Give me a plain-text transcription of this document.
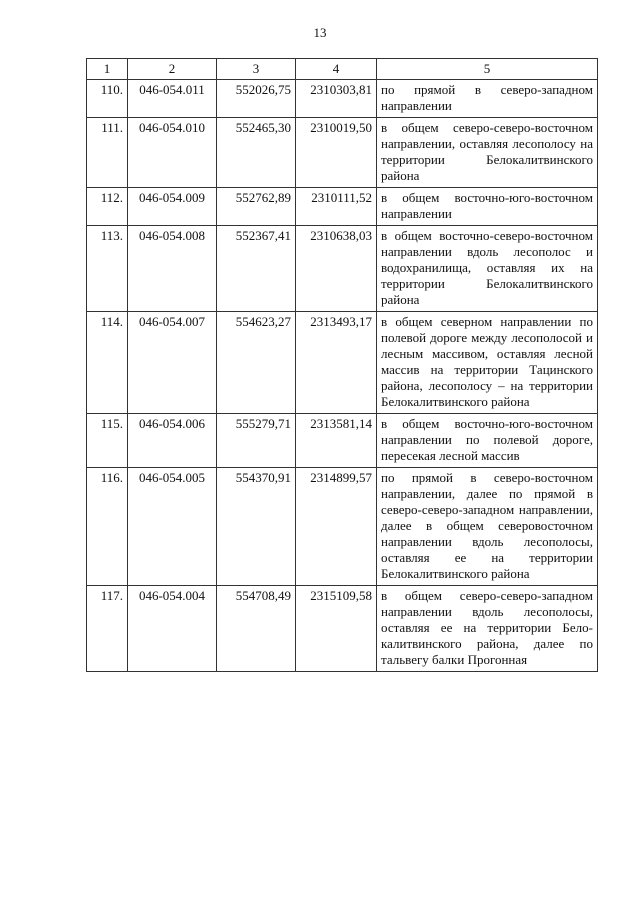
13
1	2	3	4	5
110.	046-054.011	552026,75	2310303,81	по прямой в северо-западном направлении
111.	046-054.010	552465,30	2310019,50	в общем северо-северо-восточном направлении, оставляя лесополосу на территории Белокалитвинского района
112.	046-054.009	552762,89	2310111,52	в общем восточно-юго-восточном направлении
113.	046-054.008	552367,41	2310638,03	в общем восточно-северо-восточном направлении вдоль лесополос и водохранилища, оставляя их на территории Белокалитвинского района
114.	046-054.007	554623,27	2313493,17	в общем северном направлении по полевой дороге между лесополосой и лесным массивом, оставляя лесной массив на территории Тацинского района, лесополосу – на территории Белокалитвинского района
115.	046-054.006	555279,71	2313581,14	в общем восточно-юго-восточном направлении по полевой дороге, пересекая лесной массив
116.	046-054.005	554370,91	2314899,57	по прямой в северо-восточном направлении, далее по прямой в северо-северо-западном направлении, далее в общем северовосточном направлении вдоль лесополосы, оставляя ее на территории Белокалитвинского района
117.	046-054.004	554708,49	2315109,58	в общем северо-северо-западном направлении вдоль лесополосы, оставляя ее на территории Белокалитвинского района, далее по тальвегу балки Прогонная
